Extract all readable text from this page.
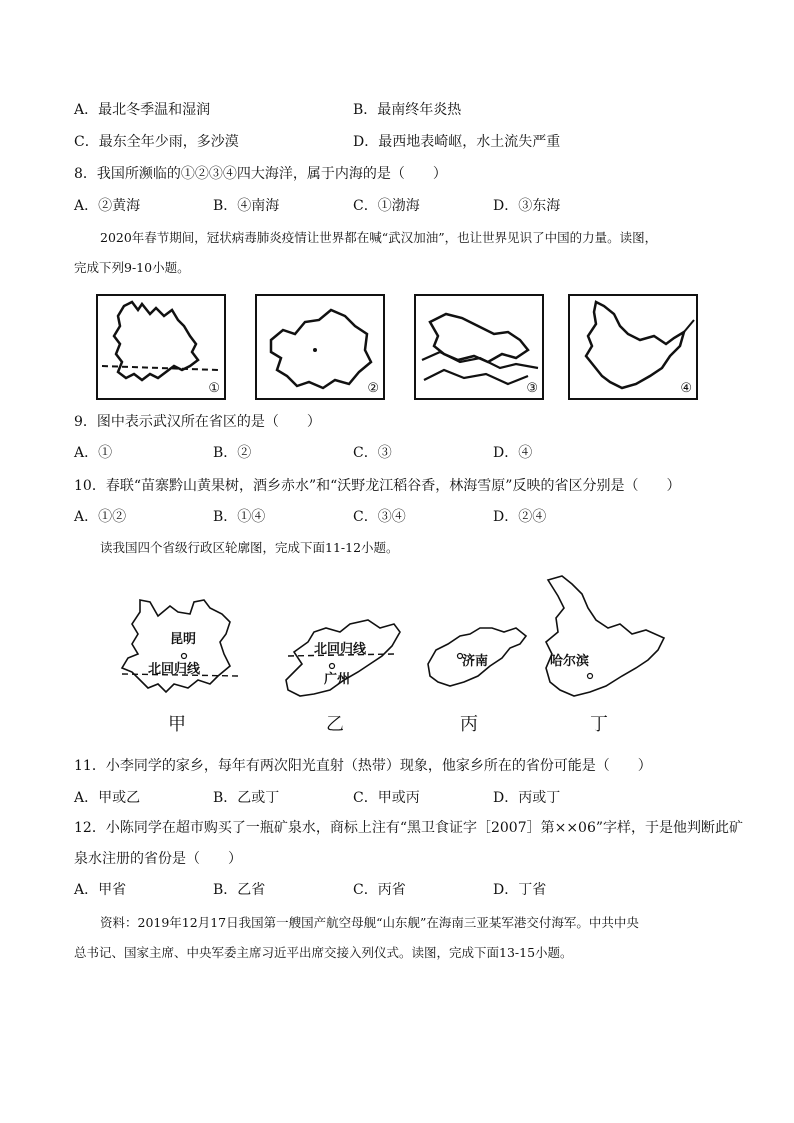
A．最北冬季温和湿润	B．最南终年炎热
C．最东全年少雨，多沙漠	D．最西地表崎岖，水土流失严重
8．我国所濒临的①②③④四大海洋，属于内海的是（　　）
A．②黄海	B．④南海	C．①渤海	D．③东海
2020年春节期间，冠状病毒肺炎疫情让世界都在喊“武汉加油”，也让世界见识了中国的力量。读图，
完成下列9-10小题。
①	②	③	④
9．图中表示武汉所在省区的是（　　）
A．①	B．②	C．③	D．④
10．春联“苗寨黔山黄果树，酒乡赤水”和“沃野龙江稻谷香，林海雪原”反映的省区分别是（　　）
A．①②	B．①④	C．③④	D．②④
读我国四个省级行政区轮廓图，完成下面11-12小题。
昆明
北回归线
甲
北回归线
广州
乙
济南
丙
哈尔滨
丁
11．小李同学的家乡，每年有两次阳光直射（热带）现象，他家乡所在的省份可能是（　　）
A．甲或乙	B．乙或丁	C．甲或丙	D．丙或丁
12．小陈同学在超市购买了一瓶矿泉水，商标上注有“黑卫食证字［2007］第××06”字样，于是他判断此矿
泉水注册的省份是（　　）
A．甲省	B．乙省	C．丙省	D．丁省
资料：2019年12月17日我国第一艘国产航空母舰“山东舰”在海南三亚某军港交付海军。中共中央
总书记、国家主席、中央军委主席习近平出席交接入列仪式。读图，完成下面13-15小题。
